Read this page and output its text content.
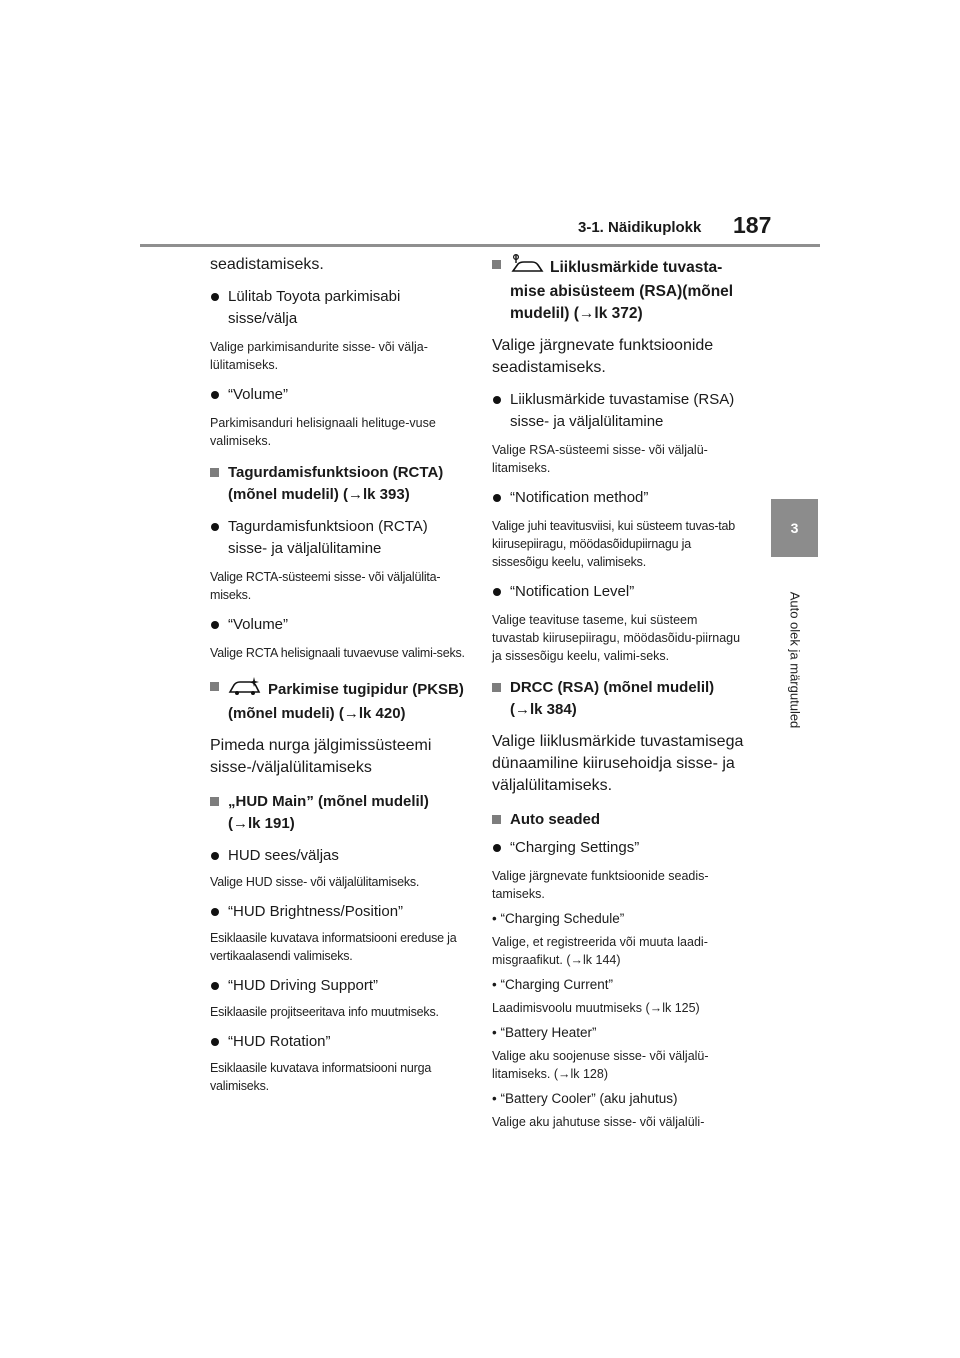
3-1. Näidikuplokk 187
3
Auto olek ja märgutuled

seadistamiseks.

Lülitab Toyota parkimisabi sisse/välja

Valige parkimisandurite sisse- või välja-lülitamiseks.

“Volume”

Parkimisanduri helisignaali helituge-vuse valimiseks.

Tagurdamisfunktsioon (RCTA) (mõnel mudelil) (→lk 393)
Tagurdamisfunktsioon (RCTA) sisse- ja väljalülitamine

Valige RCTA-süsteemi sisse- või väljalülita-miseks.

“Volume”

Valige RCTA helisignaali tuvaevuse valimi-seks.

Parkimise tugipidur (PKSB) (mõnel mudeli) (→lk 420)

Pimeda nurga jälgimissüsteemi sisse-/väljalülitamiseks

„HUD Main” (mõnel mudelil) (→lk 191)
HUD sees/väljas

Valige HUD sisse- või väljalülitamiseks.

“HUD Brightness/Position”

Esiklaasile kuvatava informatsiooni ereduse ja vertikaalasendi valimiseks.

“HUD Driving Support”

Esiklaasile projitseeritava info muutmiseks.

“HUD Rotation”

Esiklaasile kuvatava informatsiooni nurga valimiseks.

Liiklusmärkide tuvasta-mise abisüsteem (RSA)(mõnel mudelil) (→lk 372)

Valige järgnevate funktsioonide seadistamiseks.

Liiklusmärkide tuvastamise (RSA) sisse- ja väljalülitamine

Valige RSA-süsteemi sisse- või väljalü-litamiseks.

“Notification method”

Valige juhi teavitusviisi, kui süsteem tuvas-tab kiirusepiiragu, möödasõidupiirnagu ja sissesõigu keelu, valimiseks.

“Notification Level”

Valige teavituse taseme, kui süsteem tuvastab kiirusepiiragu, möödasõidu-piirnagu ja sissesõigu keelu, valimi-seks.

DRCC (RSA) (mõnel mudelil) (→lk 384)

Valige liiklusmärkide tuvastamisega dünaamiline kiirusehoidja sisse- ja väljalülitamiseks.

Auto seaded
“Charging Settings”

Valige järgnevate funktsioonide seadis-tamiseks.

• “Charging Schedule”

Valige, et registreerida või muuta laadi-misgraafikut. (→lk 144)

• “Charging Current”

Laadimisvoolu muutmiseks (→lk 125)

• “Battery Heater”

Valige aku soojenuse sisse- või väljalü-litamiseks. (→lk 128)

• “Battery Cooler” (aku jahutus)

Valige aku jahutuse sisse- või väljalüli-
